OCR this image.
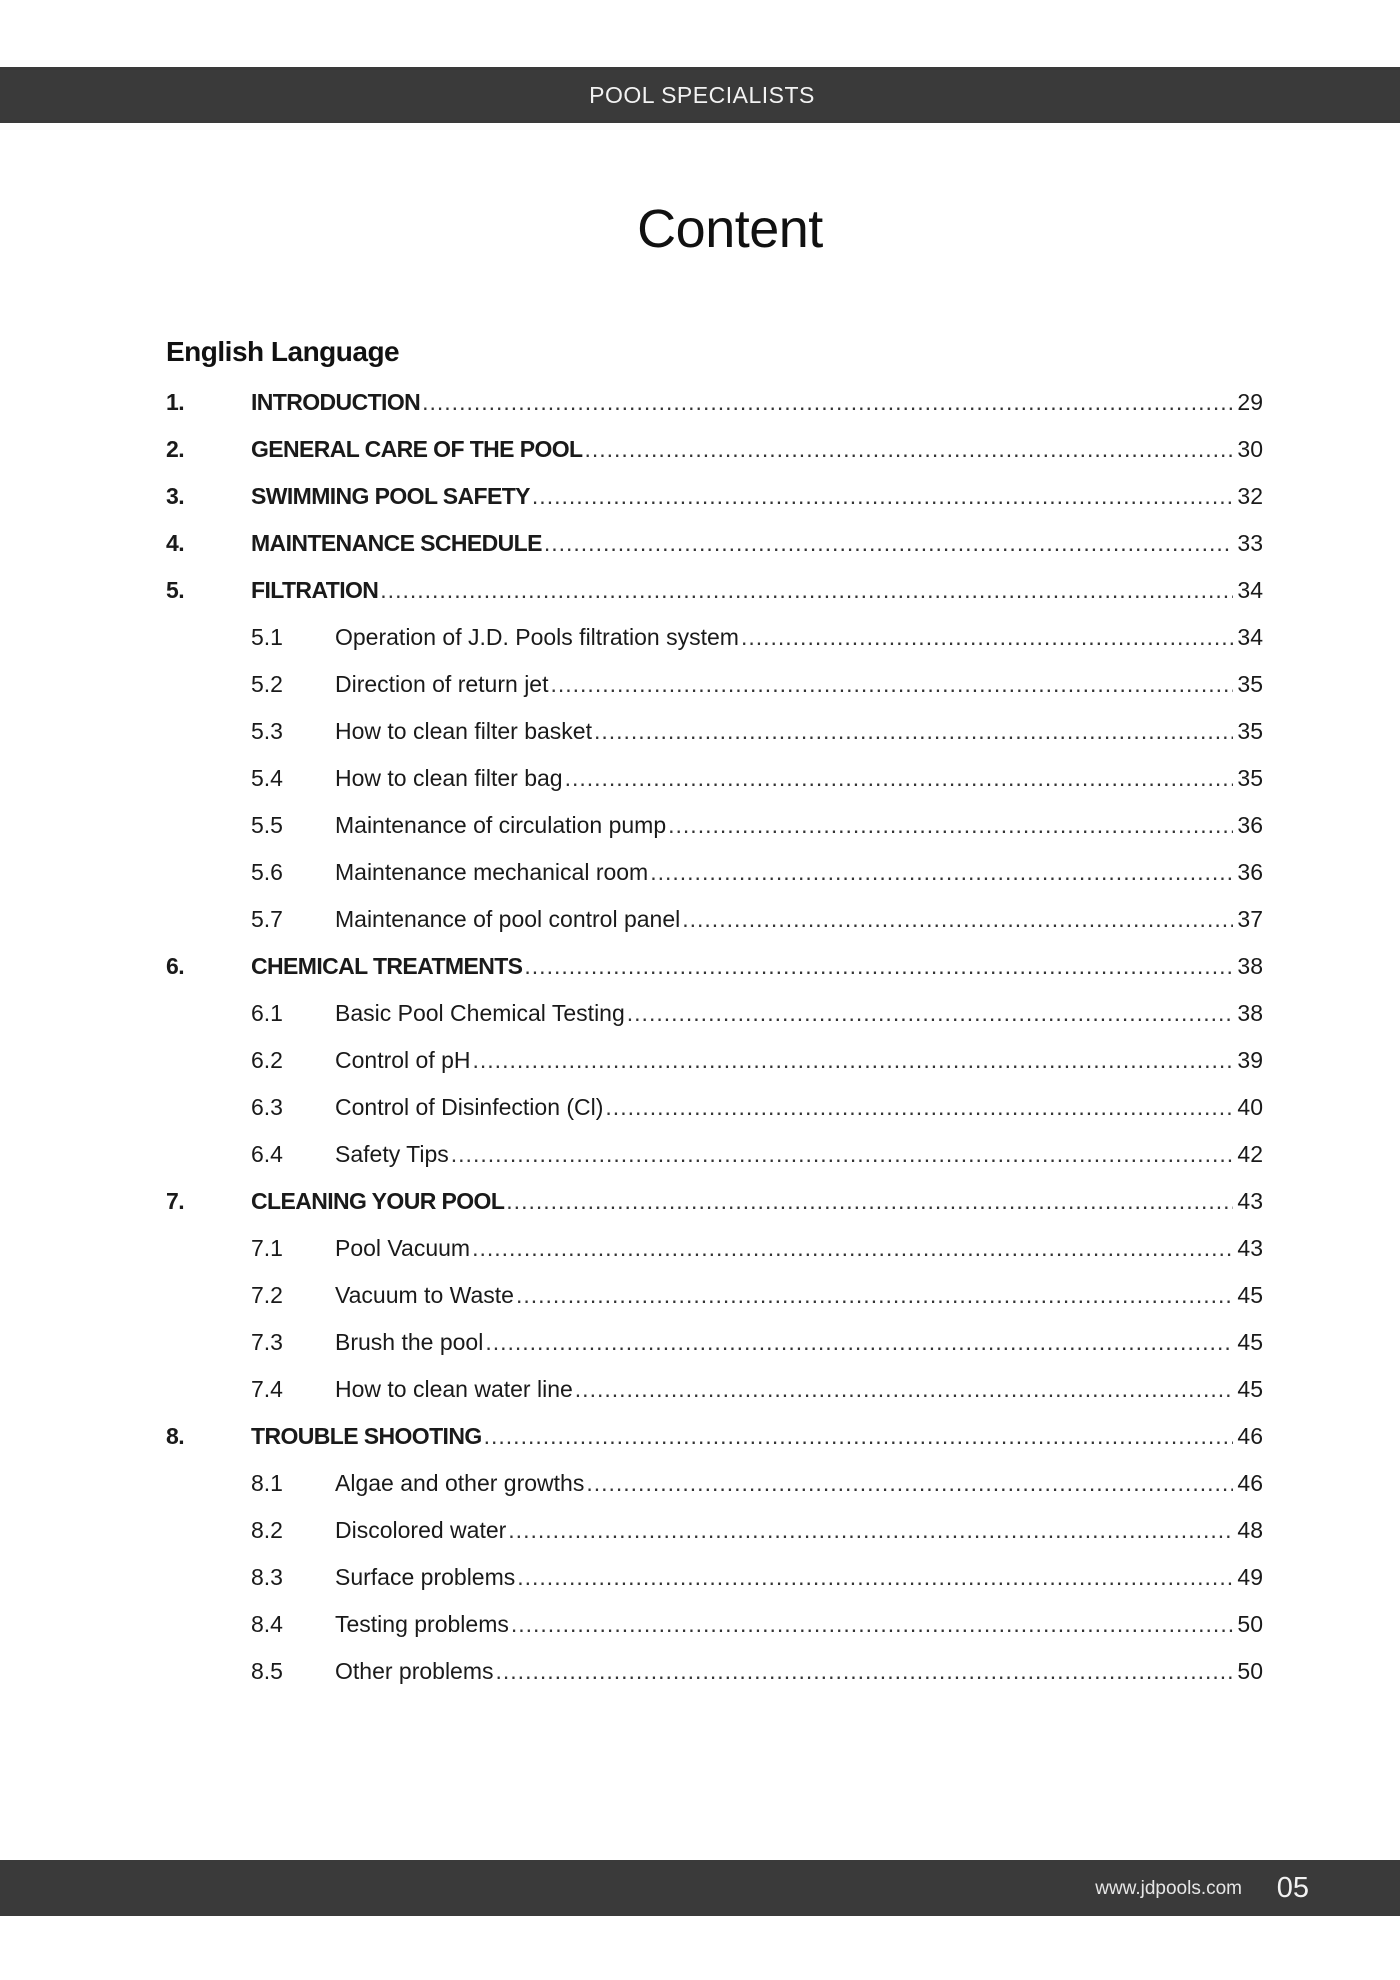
POOL SPECIALISTS
Content
English Language
1.	INTRODUCTION .....	29
2.	GENERAL CARE OF THE POOL .....	30
3.	SWIMMING POOL SAFETY .....	32
4.	MAINTENANCE SCHEDULE .....	33
5.	FILTRATION .....	34
5.1 Operation of J.D. Pools filtration system .....	34
5.2 Direction of return jet .....	35
5.3 How to clean filter basket .....	35
5.4 How to clean filter bag .....	35
5.5 Maintenance of circulation pump .....	36
5.6 Maintenance mechanical room .....	36
5.7 Maintenance of pool control panel .....	37
6.	CHEMICAL TREATMENTS .....	38
6.1 Basic Pool Chemical Testing .....	38
6.2 Control of pH .....	39
6.3 Control of Disinfection (Cl) .....	40
6.4 Safety Tips .....	42
7.	CLEANING YOUR POOL .....	43
7.1 Pool Vacuum .....	43
7.2 Vacuum to Waste .....	45
7.3 Brush the pool .....	45
7.4 How to clean water line .....	45
8.	TROUBLE SHOOTING .....	46
8.1 Algae and other growths .....	46
8.2 Discolored water .....	48
8.3 Surface problems .....	49
8.4 Testing problems .....	50
8.5 Other problems .....	50
www.jdpools.com 05
